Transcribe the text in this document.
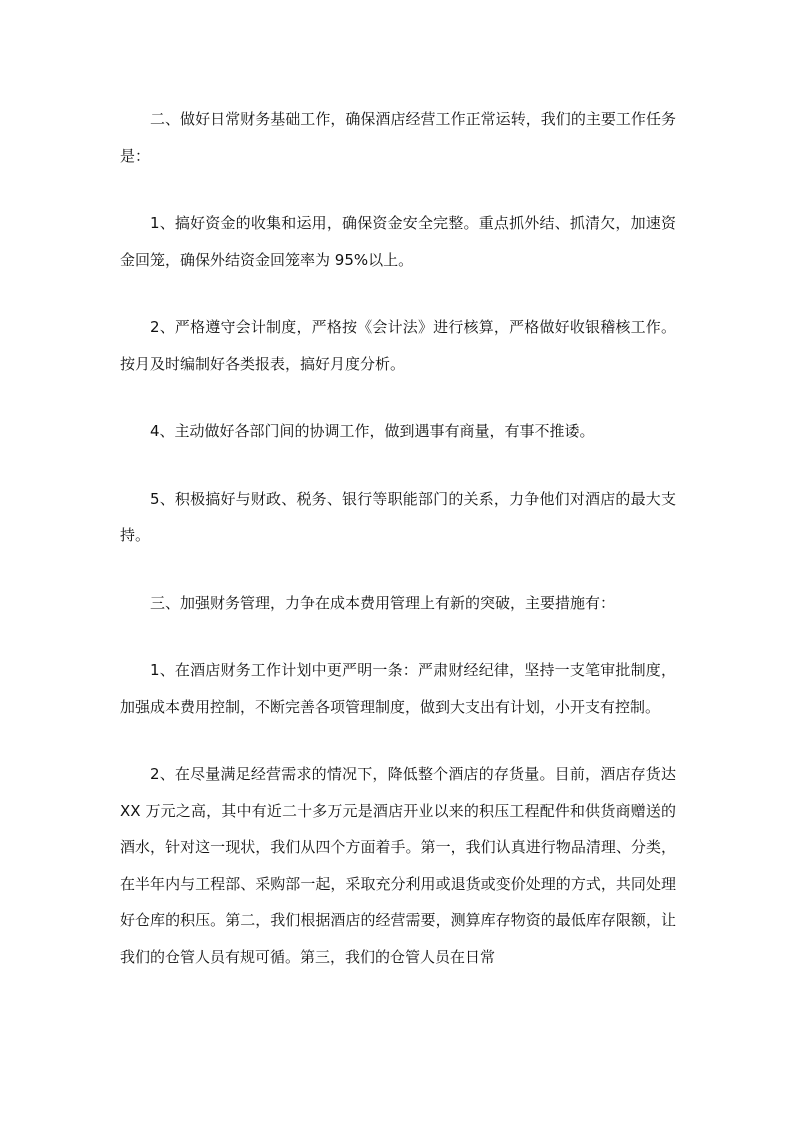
二、做好日常财务基础工作，确保酒店经营工作正常运转，我们的主要工作任务是：

1、搞好资金的收集和运用，确保资金安全完整。重点抓外结、抓清欠，加速资金回笼，确保外结资金回笼率为 95%以上。

2、严格遵守会计制度，严格按《会计法》进行核算，严格做好收银稽核工作。按月及时编制好各类报表，搞好月度分析。

4、主动做好各部门间的协调工作，做到遇事有商量，有事不推诿。

5、积极搞好与财政、税务、银行等职能部门的关系，力争他们对酒店的最大支持。

三、加强财务管理，力争在成本费用管理上有新的突破，主要措施有：

1、在酒店财务工作计划中更严明一条：严肃财经纪律，坚持一支笔审批制度，加强成本费用控制，不断完善各项管理制度，做到大支出有计划，小开支有控制。

2、在尽量满足经营需求的情况下，降低整个酒店的存货量。目前，酒店存货达 XX 万元之高，其中有近二十多万元是酒店开业以来的积压工程配件和供货商赠送的酒水，针对这一现状，我们从四个方面着手。第一，我们认真进行物品清理、分类，在半年内与工程部、采购部一起，采取充分利用或退货或变价处理的方式，共同处理好仓库的积压。第二，我们根据酒店的经营需要，测算库存物资的最低库存限额，让我们的仓管人员有规可循。第三，我们的仓管人员在日常
